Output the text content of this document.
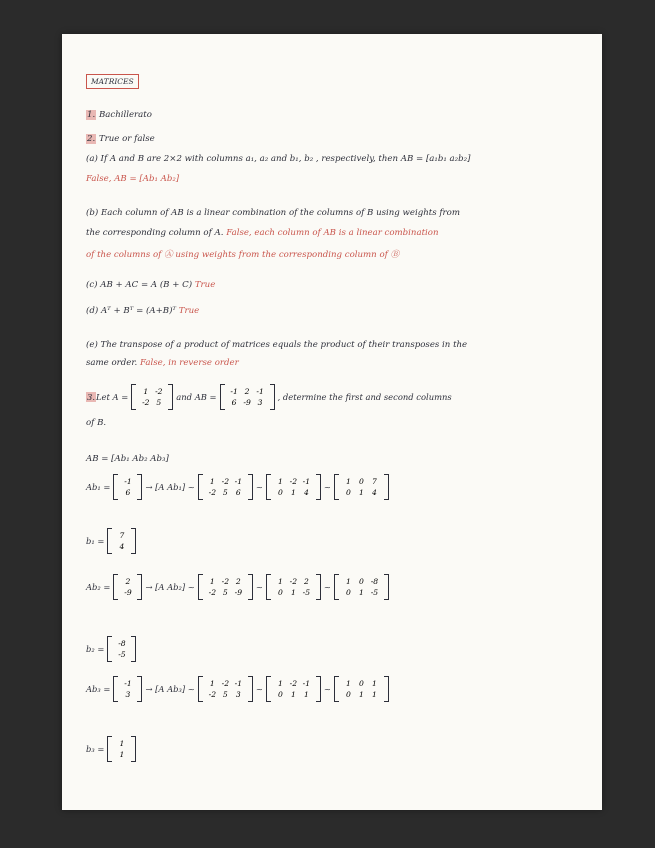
MATRICES
1. Bachillerato
2. True or false
(a) If A and B are 2×2 with columns a₁, a₂ and b₁, b₂ , respectively, then AB = [a₁b₁ a₂b₂]
False, AB = [Ab₁ Ab₂]
(b) Each column of AB is a linear combination of the columns of B using weights from
the corresponding column of A. False, each column of AB is a linear combination
of the columns of Ⓐ using weights from the corresponding column of Ⓑ
(c) AB + AC = A (B + C) True
(d) Aᵀ + Bᵀ = (A+B)ᵀ True
(e) The transpose of a product of matrices equals the product of their transposes in the
same order. False, in reverse order
3. Let A =
1 -2
-2 5
and AB =
-1 2 -1
6 -9 3
, determine the first and second columns
of B.
AB = [Ab₁ Ab₂ Ab₃]
Ab₁ =
-1
6
→ [A Ab₁] ~
1 -2 -1
-2 5	6
~
1 -2 -1
0	1	4
~
1	0	7
0	1	4
b₁ =
7
4
Ab₂ =
2
-9
→ [A Ab₂] ~
1 -2 2
-2 5 -9
~
1 -2 2
0	1 -5
~
1	0 -8
0	1 -5
b₂ =
-8
-5
Ab₃ =
-1
3
→ [A Ab₃] ~
1 -2 -1
-2 5	3
~
1 -2 -1
0	1	1
~
1	0	1
0	1	1
b₃ =
1
1
